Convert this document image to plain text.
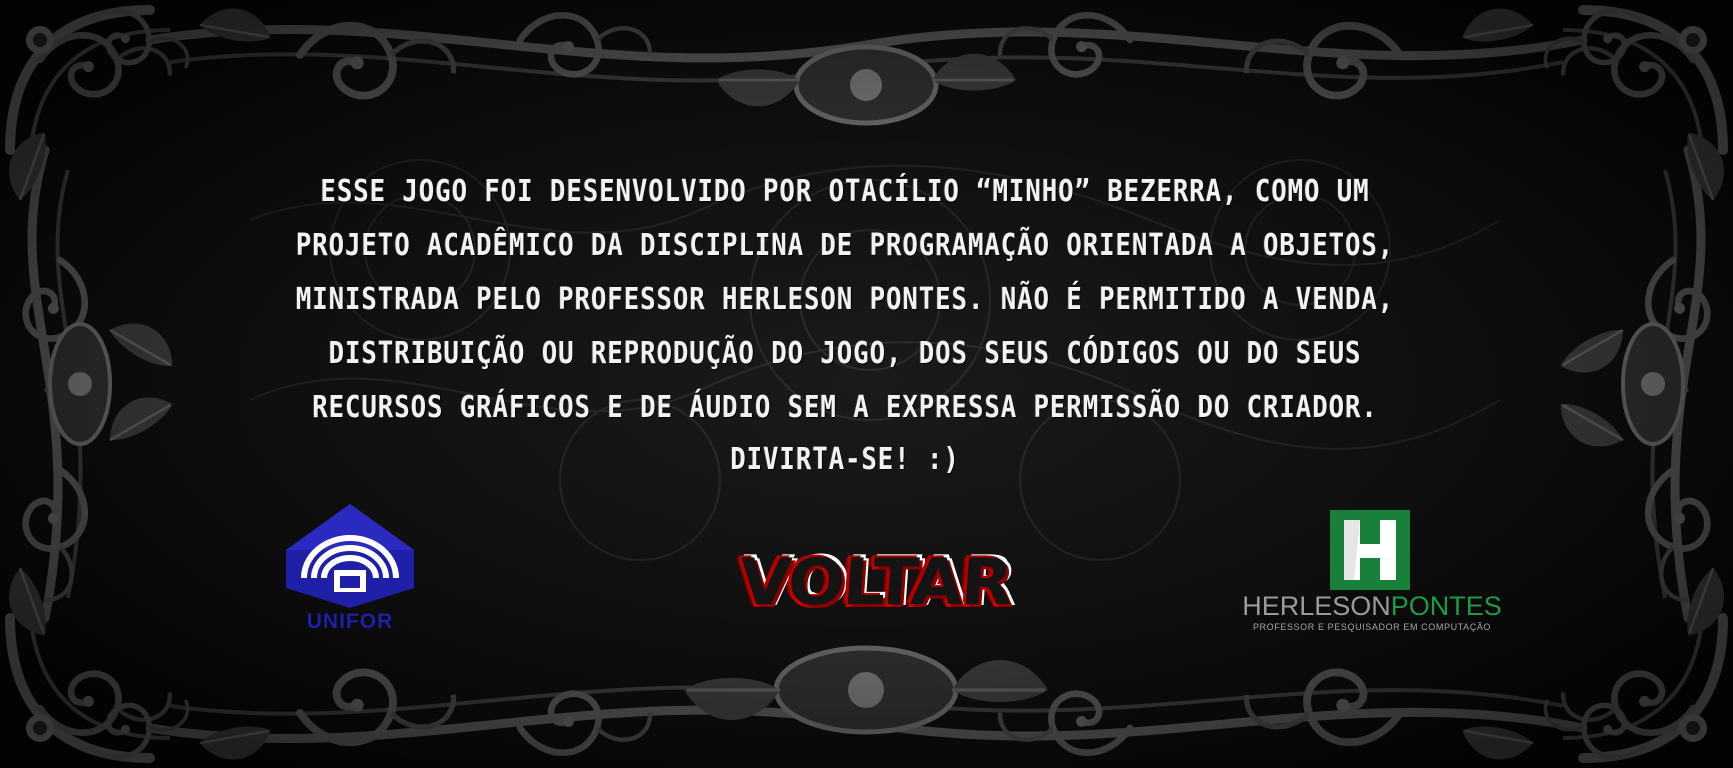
ESSE JOGO FOI DESENVOLVIDO POR OTACÍLIO “MINHO” BEZERRA, COMO UM
PROJETO ACADÊMICO DA DISCIPLINA DE PROGRAMAÇÃO ORIENTADA A OBJETOS,
MINISTRADA PELO PROFESSOR HERLESON PONTES. NÃO É PERMITIDO A VENDA,
DISTRIBUIÇÃO OU REPRODUÇÃO DO JOGO, DOS SEUS CÓDIGOS OU DO SEUS
RECURSOS GRÁFICOS E DE ÁUDIO SEM A EXPRESSA PERMISSÃO DO CRIADOR.
DIVIRTA-SE! :)
UNIFOR
VOLTAR	HERLESONPONTES
PROFESSOR E PESQUISADOR EM COMPUTAÇÃO
